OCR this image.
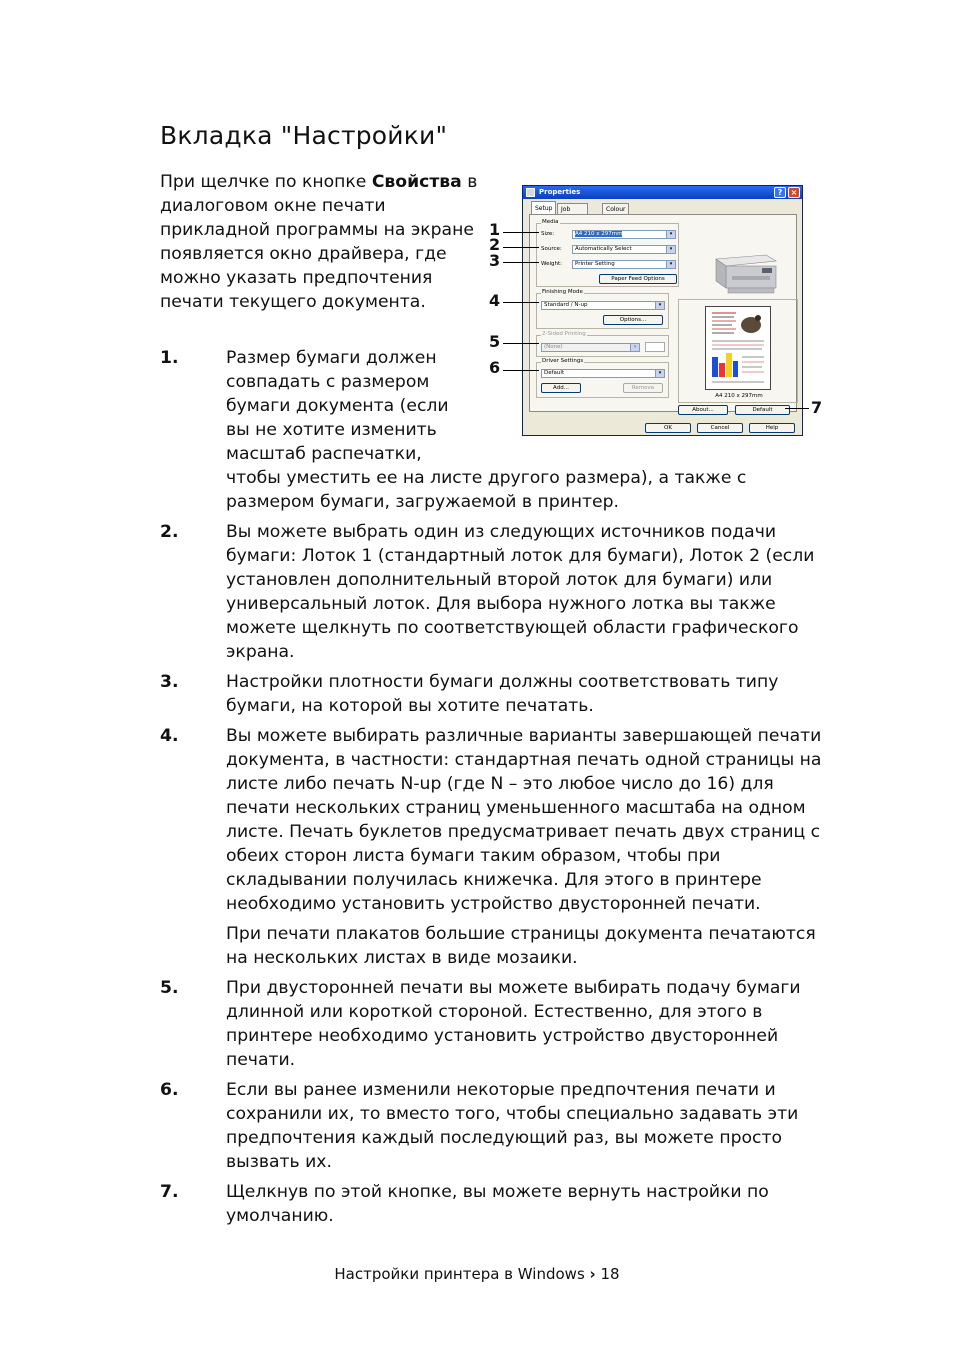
Вкладка "Настройки"
При щелчке по кнопке Свойства в диалоговом окне печати прикладной программы на экране появляется окно драйвера, где можно указать предпочтения печати текущего документа.
Properties	?	×
Setup	Job	Colour
Media
Size:	A4 210 x 297mm	▾
Source:	Automatically Select	▾
Weight:	Printer Setting	▾
Paper Feed Options
Finishing Mode
Standard / N-up	▾
Options...
2-Sided Printing
(None)	▾
Driver Settings
Default	▾
Add...	Remove
A4 210 x 297mm
About...	Default
OK	Cancel	Help
1
2
3
4
5
6
7
1.	Размер бумаги должен совпадать с размером бумаги документа (если вы не хотите изменить масштаб распечатки,

чтобы уместить ее на листе другого размера), а также с размером бумаги, загружаемой в принтер.

2.	Вы можете выбрать один из следующих источников подачи бумаги: Лоток 1 (стандартный лоток для бумаги), Лоток 2 (если установлен дополнительный второй лоток для бумаги) или универсальный лоток. Для выбора нужного лотка вы также можете щелкнуть по соответствующей области графического экрана.

3.	Настройки плотности бумаги должны соответствовать типу бумаги, на которой вы хотите печатать.

4.	Вы можете выбирать различные варианты завершающей печати документа, в частности: стандартная печать одной страницы на листе либо печать N-up (где N – это любое число до 16) для печати нескольких страниц уменьшенного масштаба на одном листе. Печать буклетов предусматривает печать двух страниц с обеих сторон листа бумаги таким образом, чтобы при складывании получилась книжечка. Для этого в принтере необходимо установить устройство двусторонней печати.

При печати плакатов большие страницы документа печатаются на нескольких листах в виде мозаики.

5.	При двусторонней печати вы можете выбирать подачу бумаги длинной или короткой стороной. Естественно, для этого в принтере необходимо установить устройство двусторонней печати.

6.	Если вы ранее изменили некоторые предпочтения печати и сохранили их, то вместо того, чтобы специально задавать эти предпочтения каждый последующий раз, вы можете просто вызвать их.

7.	Щелкнув по этой кнопке, вы можете вернуть настройки по умолчанию.

Настройки принтера в Windows › 18
